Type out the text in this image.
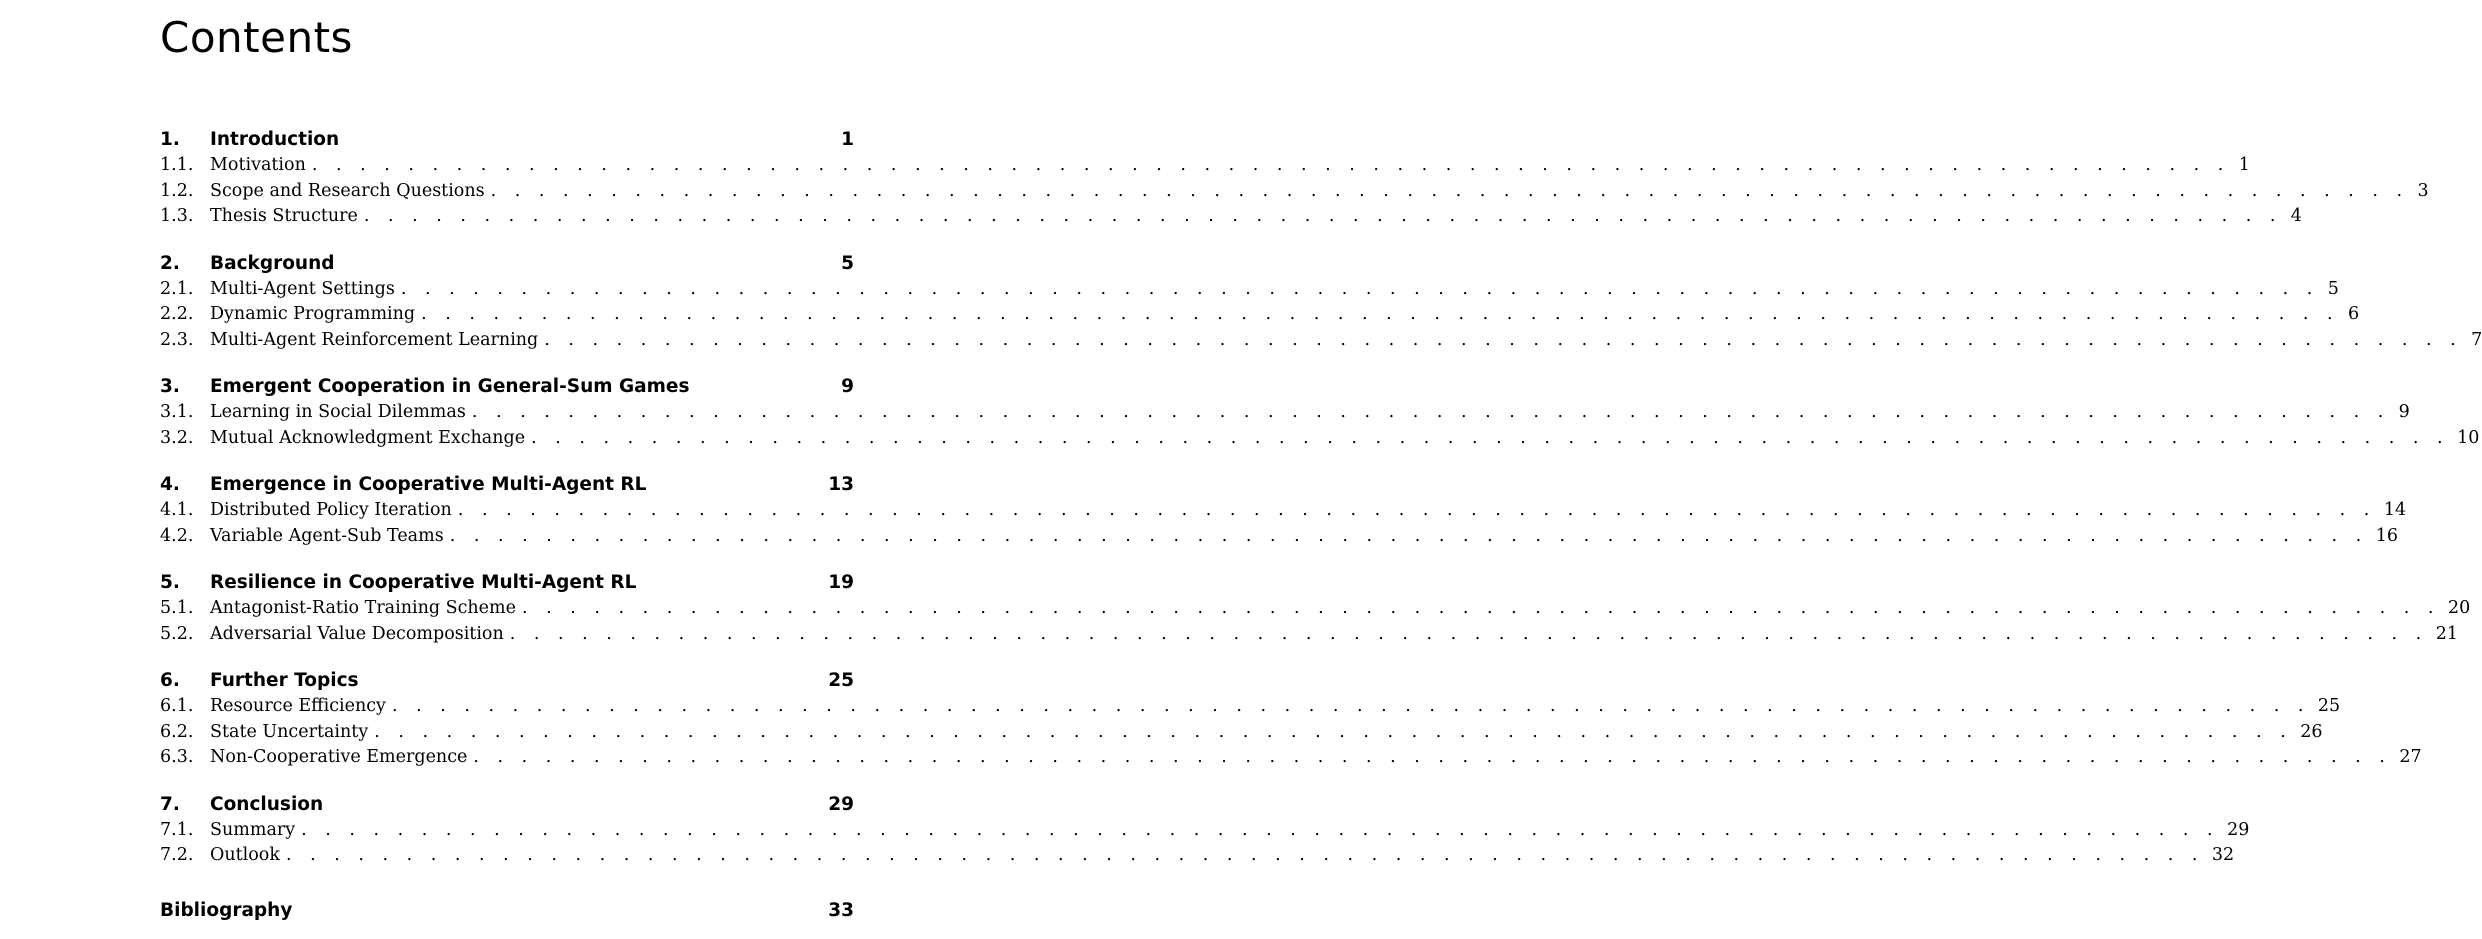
Contents
1.	Introduction	1
1.1. Motivation . . . . . . . . . . . . . . . . . . . . . . . . . . . . . . . . . . . . . . . . . . . . . . . . . . . . . . . . . . . . . . . . . . . . . . . . . . . . . . . . 1
1.2. Scope and Research Questions . . . . . . . . . . . . . . . . . . . . . . . . . . . . . . . . . . . . . . . . . . . . . . . . . . . . . . . . . . . . . . . . . . . . . . . . . . . . . . . . 3
1.3. Thesis Structure . . . . . . . . . . . . . . . . . . . . . . . . . . . . . . . . . . . . . . . . . . . . . . . . . . . . . . . . . . . . . . . . . . . . . . . . . . . . . . . . 4
2.	Background	5
2.1. Multi-Agent Settings . . . . . . . . . . . . . . . . . . . . . . . . . . . . . . . . . . . . . . . . . . . . . . . . . . . . . . . . . . . . . . . . . . . . . . . . . . . . . . . . 5
2.2. Dynamic Programming . . . . . . . . . . . . . . . . . . . . . . . . . . . . . . . . . . . . . . . . . . . . . . . . . . . . . . . . . . . . . . . . . . . . . . . . . . . . . . . . 6
2.3. Multi-Agent Reinforcement Learning . . . . . . . . . . . . . . . . . . . . . . . . . . . . . . . . . . . . . . . . . . . . . . . . . . . . . . . . . . . . . . . . . . . . . . . . . . . . . . . . 7
3.	Emergent Cooperation in General-Sum Games	9
3.1. Learning in Social Dilemmas . . . . . . . . . . . . . . . . . . . . . . . . . . . . . . . . . . . . . . . . . . . . . . . . . . . . . . . . . . . . . . . . . . . . . . . . . . . . . . . . 9
3.2. Mutual Acknowledgment Exchange . . . . . . . . . . . . . . . . . . . . . . . . . . . . . . . . . . . . . . . . . . . . . . . . . . . . . . . . . . . . . . . . . . . . . . . . . . . . . . . . 10
4.	Emergence in Cooperative Multi-Agent RL	13
4.1. Distributed Policy Iteration . . . . . . . . . . . . . . . . . . . . . . . . . . . . . . . . . . . . . . . . . . . . . . . . . . . . . . . . . . . . . . . . . . . . . . . . . . . . . . . . 14
4.2. Variable Agent-Sub Teams . . . . . . . . . . . . . . . . . . . . . . . . . . . . . . . . . . . . . . . . . . . . . . . . . . . . . . . . . . . . . . . . . . . . . . . . . . . . . . . . 16
5.	Resilience in Cooperative Multi-Agent RL	19
5.1. Antagonist-Ratio Training Scheme . . . . . . . . . . . . . . . . . . . . . . . . . . . . . . . . . . . . . . . . . . . . . . . . . . . . . . . . . . . . . . . . . . . . . . . . . . . . . . . . 20
5.2. Adversarial Value Decomposition . . . . . . . . . . . . . . . . . . . . . . . . . . . . . . . . . . . . . . . . . . . . . . . . . . . . . . . . . . . . . . . . . . . . . . . . . . . . . . . . 21
6.	Further Topics	25
6.1. Resource Efficiency . . . . . . . . . . . . . . . . . . . . . . . . . . . . . . . . . . . . . . . . . . . . . . . . . . . . . . . . . . . . . . . . . . . . . . . . . . . . . . . . 25
6.2. State Uncertainty . . . . . . . . . . . . . . . . . . . . . . . . . . . . . . . . . . . . . . . . . . . . . . . . . . . . . . . . . . . . . . . . . . . . . . . . . . . . . . . . 26
6.3. Non-Cooperative Emergence . . . . . . . . . . . . . . . . . . . . . . . . . . . . . . . . . . . . . . . . . . . . . . . . . . . . . . . . . . . . . . . . . . . . . . . . . . . . . . . . 27
7.	Conclusion	29
7.1. Summary . . . . . . . . . . . . . . . . . . . . . . . . . . . . . . . . . . . . . . . . . . . . . . . . . . . . . . . . . . . . . . . . . . . . . . . . . . . . . . . . 29
7.2. Outlook . . . . . . . . . . . . . . . . . . . . . . . . . . . . . . . . . . . . . . . . . . . . . . . . . . . . . . . . . . . . . . . . . . . . . . . . . . . . . . . . 32
Bibliography	33
